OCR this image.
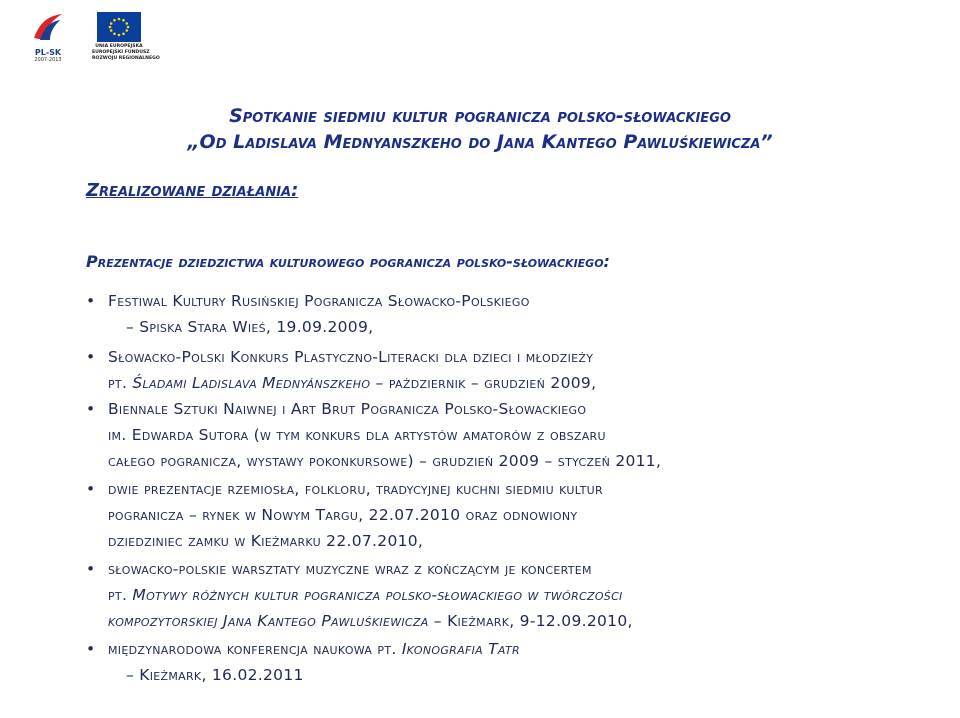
PL-SK
2007-2013
UNIA EUROPEJSKA
EUROPEJSKI FUNDUSZ
ROZWOJU REGIONALNEGO
Spotkanie siedmiu kultur pogranicza polsko-słowackiego
„Od Ladislava Mednyanszkeho do Jana Kantego Pawluśkiewicza”
Zrealizowane działania:
Prezentacje dziedzictwa kulturowego pogranicza polsko-słowackiego:
• Festiwal Kultury Rusińskiej Pogranicza Słowacko-Polskiego
– Spiska Stara Wieś, 19.09.2009,
• Słowacko-Polski Konkurs Plastyczno-Literacki dla dzieci i młodzieży
pt. Śladami Ladislava Mednyánszkeho – październik – grudzień 2009,
• Biennale Sztuki Naiwnej i Art Brut Pogranicza Polsko-Słowackiego
im. Edwarda Sutora (w tym konkurs dla artystów amatorów z obszaru
całego pogranicza, wystawy pokonkursowe) – grudzień 2009 – styczeń 2011,
• dwie prezentacje rzemiosła, folkloru, tradycyjnej kuchni siedmiu kultur
pogranicza – rynek w Nowym Targu, 22.07.2010 oraz odnowiony
dziedziniec zamku w Kieżmarku 22.07.2010,
• słowacko-polskie warsztaty muzyczne wraz z kończącym je koncertem
pt. Motywy różnych kultur pogranicza polsko-słowackiego w twórczości
kompozytorskiej Jana Kantego Pawluśkiewicza – Kieżmark, 9-12.09.2010,
• międzynarodowa konferencja naukowa pt. Ikonografia Tatr
– Kieżmark, 16.02.2011
